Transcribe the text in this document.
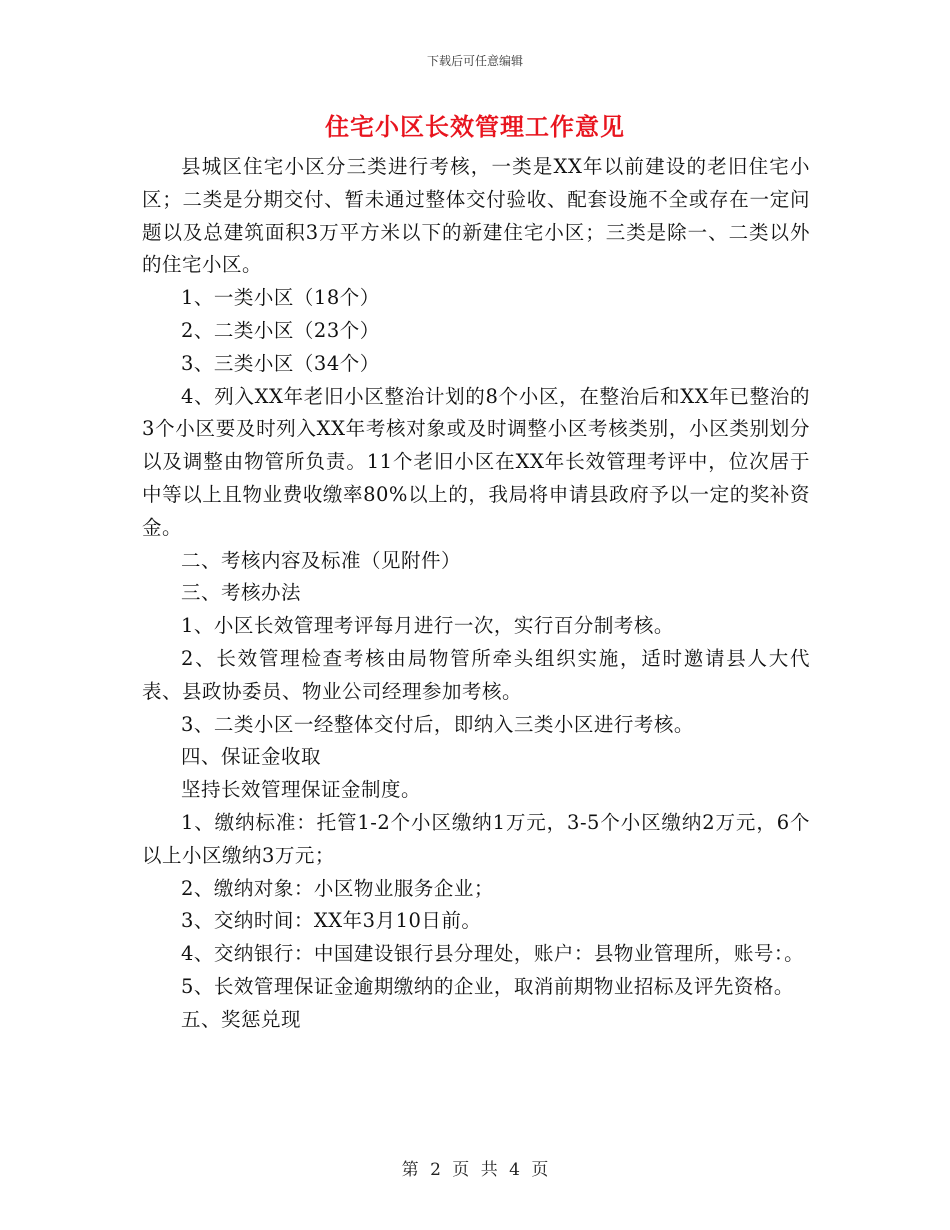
下载后可任意编辑
住宅小区长效管理工作意见

县城区住宅小区分三类进行考核，一类是XX年以前建设的老旧住宅小区；二类是分期交付、暂未通过整体交付验收、配套设施不全或存在一定问题以及总建筑面积3万平方米以下的新建住宅小区；三类是除一、二类以外的住宅小区。

1、一类小区（18个）

2、二类小区（23个）

3、三类小区（34个）

4、列入XX年老旧小区整治计划的8个小区，在整治后和XX年已整治的3个小区要及时列入XX年考核对象或及时调整小区考核类别，小区类别划分以及调整由物管所负责。11个老旧小区在XX年长效管理考评中，位次居于中等以上且物业费收缴率80%以上的，我局将申请县政府予以一定的奖补资金。

二、考核内容及标准（见附件）

三、考核办法

1、小区长效管理考评每月进行一次，实行百分制考核。

2、长效管理检查考核由局物管所牵头组织实施，适时邀请县人大代表、县政协委员、物业公司经理参加考核。

3、二类小区一经整体交付后，即纳入三类小区进行考核。

四、保证金收取

坚持长效管理保证金制度。

1、缴纳标准：托管1-2个小区缴纳1万元，3-5个小区缴纳2万元，6个以上小区缴纳3万元；

2、缴纳对象：小区物业服务企业；

3、交纳时间：XX年3月10日前。

4、交纳银行：中国建设银行县分理处，账户：县物业管理所，账号：。

5、长效管理保证金逾期缴纳的企业，取消前期物业招标及评先资格。

五、奖惩兑现

第 2 页 共 4 页
